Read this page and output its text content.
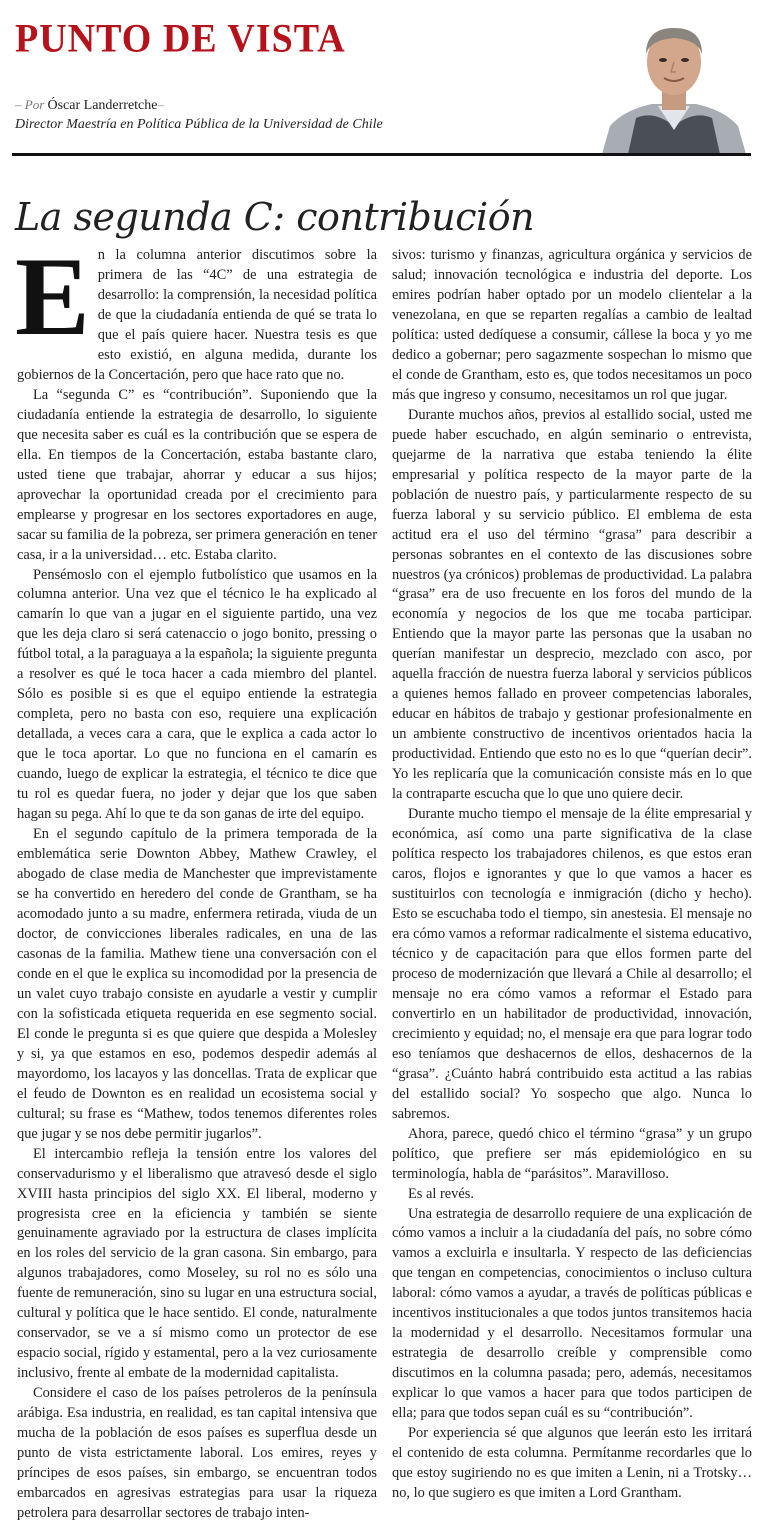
PUNTO DE VISTA
– Por Óscar Landerretche–
Director Maestría en Política Pública de la Universidad de Chile
La segunda C: contribución

E n la columna anterior discutimos sobre la primera de las “4C” de una estrategia de desarrollo: la comprensión, la necesidad política de que la ciudadanía entienda de qué se trata lo que el país quiere hacer. Nuestra tesis es que esto existió, en alguna medida, durante los gobiernos de la Concertación, pero que hace rato que no.

La “segunda C” es “contribución”. Suponiendo que la ciudadanía entiende la estrategia de desarrollo, lo siguiente que necesita saber es cuál es la contribución que se espera de ella. En tiempos de la Concertación, estaba bastante claro, usted tiene que trabajar, ahorrar y educar a sus hijos; aprovechar la oportunidad creada por el crecimiento para emplearse y progresar en los sectores exportadores en auge, sacar su familia de la pobreza, ser primera generación en tener casa, ir a la universidad… etc. Estaba clarito.

Pensémoslo con el ejemplo futbolístico que usamos en la columna anterior. Una vez que el técnico le ha explicado al camarín lo que van a jugar en el siguiente partido, una vez que les deja claro si será catenaccio o jogo bonito, pressing o fútbol total, a la paraguaya a la española; la siguiente pregunta a resolver es qué le toca hacer a cada miembro del plantel. Sólo es posible si es que el equipo entiende la estrategia completa, pero no basta con eso, requiere una explicación detallada, a veces cara a cara, que le explica a cada actor lo que le toca aportar. Lo que no funciona en el camarín es cuando, luego de explicar la estrategia, el técnico te dice que tu rol es quedar fuera, no joder y dejar que los que saben hagan su pega. Ahí lo que te da son ganas de irte del equipo.

En el segundo capítulo de la primera temporada de la emblemática serie Downton Abbey, Mathew Crawley, el abogado de clase media de Manchester que imprevistamente se ha convertido en heredero del conde de Grantham, se ha acomodado junto a su madre, enfermera retirada, viuda de un doctor, de convicciones liberales radicales, en una de las casonas de la familia. Mathew tiene una conversación con el conde en el que le explica su incomodidad por la presencia de un valet cuyo trabajo consiste en ayudarle a vestir y cumplir con la sofisticada etiqueta requerida en ese segmento social. El conde le pregunta si es que quiere que despida a Molesley y si, ya que estamos en eso, podemos despedir además al mayordomo, los lacayos y las doncellas. Trata de explicar que el feudo de Downton es en realidad un ecosistema social y cultural; su frase es “Mathew, todos tenemos diferentes roles que jugar y se nos debe permitir jugarlos”.

El intercambio refleja la tensión entre los valores del conservadurismo y el liberalismo que atravesó desde el siglo XVIII hasta principios del siglo XX. El liberal, moderno y progresista cree en la eficiencia y también se siente genuinamente agraviado por la estructura de clases implícita en los roles del servicio de la gran casona. Sin embargo, para algunos trabajadores, como Moseley, su rol no es sólo una fuente de remuneración, sino su lugar en una estructura social, cultural y política que le hace sentido. El conde, naturalmente conservador, se ve a sí mismo como un protector de ese espacio social, rígido y estamental, pero a la vez curiosamente inclusivo, frente al embate de la modernidad capitalista.

Considere el caso de los países petroleros de la península arábiga. Esa industria, en realidad, es tan capital intensiva que mucha de la población de esos países es superflua desde un punto de vista estrictamente laboral. Los emires, reyes y príncipes de esos países, sin embargo, se encuentran todos embarcados en agresivas estrategias para usar la riqueza petrolera para desarrollar sectores de trabajo inten-

sivos: turismo y finanzas, agricultura orgánica y servicios de salud; innovación tecnológica e industria del deporte. Los emires podrían haber optado por un modelo clientelar a la venezolana, en que se reparten regalías a cambio de lealtad política: usted dedíquese a consumir, cállese la boca y yo me dedico a gobernar; pero sagazmente sospechan lo mismo que el conde de Grantham, esto es, que todos necesitamos un poco más que ingreso y consumo, necesitamos un rol que jugar.

Durante muchos años, previos al estallido social, usted me puede haber escuchado, en algún seminario o entrevista, quejarme de la narrativa que estaba teniendo la élite empresarial y política respecto de la mayor parte de la población de nuestro país, y particularmente respecto de su fuerza laboral y su servicio público. El emblema de esta actitud era el uso del término “grasa” para describir a personas sobrantes en el contexto de las discusiones sobre nuestros (ya crónicos) problemas de productividad. La palabra “grasa” era de uso frecuente en los foros del mundo de la economía y negocios de los que me tocaba participar. Entiendo que la mayor parte las personas que la usaban no querían manifestar un desprecio, mezclado con asco, por aquella fracción de nuestra fuerza laboral y servicios públicos a quienes hemos fallado en proveer competencias laborales, educar en hábitos de trabajo y gestionar profesionalmente en un ambiente constructivo de incentivos orientados hacia la productividad. Entiendo que esto no es lo que “querían decir”. Yo les replicaría que la comunicación consiste más en lo que la contraparte escucha que lo que uno quiere decir.

Durante mucho tiempo el mensaje de la élite empresarial y económica, así como una parte significativa de la clase política respecto los trabajadores chilenos, es que estos eran caros, flojos e ignorantes y que lo que vamos a hacer es sustituirlos con tecnología e inmigración (dicho y hecho). Esto se escuchaba todo el tiempo, sin anestesia. El mensaje no era cómo vamos a reformar radicalmente el sistema educativo, técnico y de capacitación para que ellos formen parte del proceso de modernización que llevará a Chile al desarrollo; el mensaje no era cómo vamos a reformar el Estado para convertirlo en un habilitador de productividad, innovación, crecimiento y equidad; no, el mensaje era que para lograr todo eso teníamos que deshacernos de ellos, deshacernos de la “grasa”. ¿Cuánto habrá contribuido esta actitud a las rabias del estallido social? Yo sospecho que algo. Nunca lo sabremos.

Ahora, parece, quedó chico el término “grasa” y un grupo político, que prefiere ser más epidemiológico en su terminología, habla de “parásitos”. Maravilloso.

Es al revés.

Una estrategia de desarrollo requiere de una explicación de cómo vamos a incluir a la ciudadanía del país, no sobre cómo vamos a excluirla e insultarla. Y respecto de las deficiencias que tengan en competencias, conocimientos o incluso cultura laboral: cómo vamos a ayudar, a través de políticas públicas e incentivos institucionales a que todos juntos transitemos hacia la modernidad y el desarrollo. Necesitamos formular una estrategia de desarrollo creíble y comprensible como discutimos en la columna pasada; pero, además, necesitamos explicar lo que vamos a hacer para que todos participen de ella; para que todos sepan cuál es su “contribución”.

Por experiencia sé que algunos que leerán esto les irritará el contenido de esta columna. Permítanme recordarles que lo que estoy sugiriendo no es que imiten a Lenin, ni a Trotsky… no, lo que sugiero es que imiten a Lord Grantham.
